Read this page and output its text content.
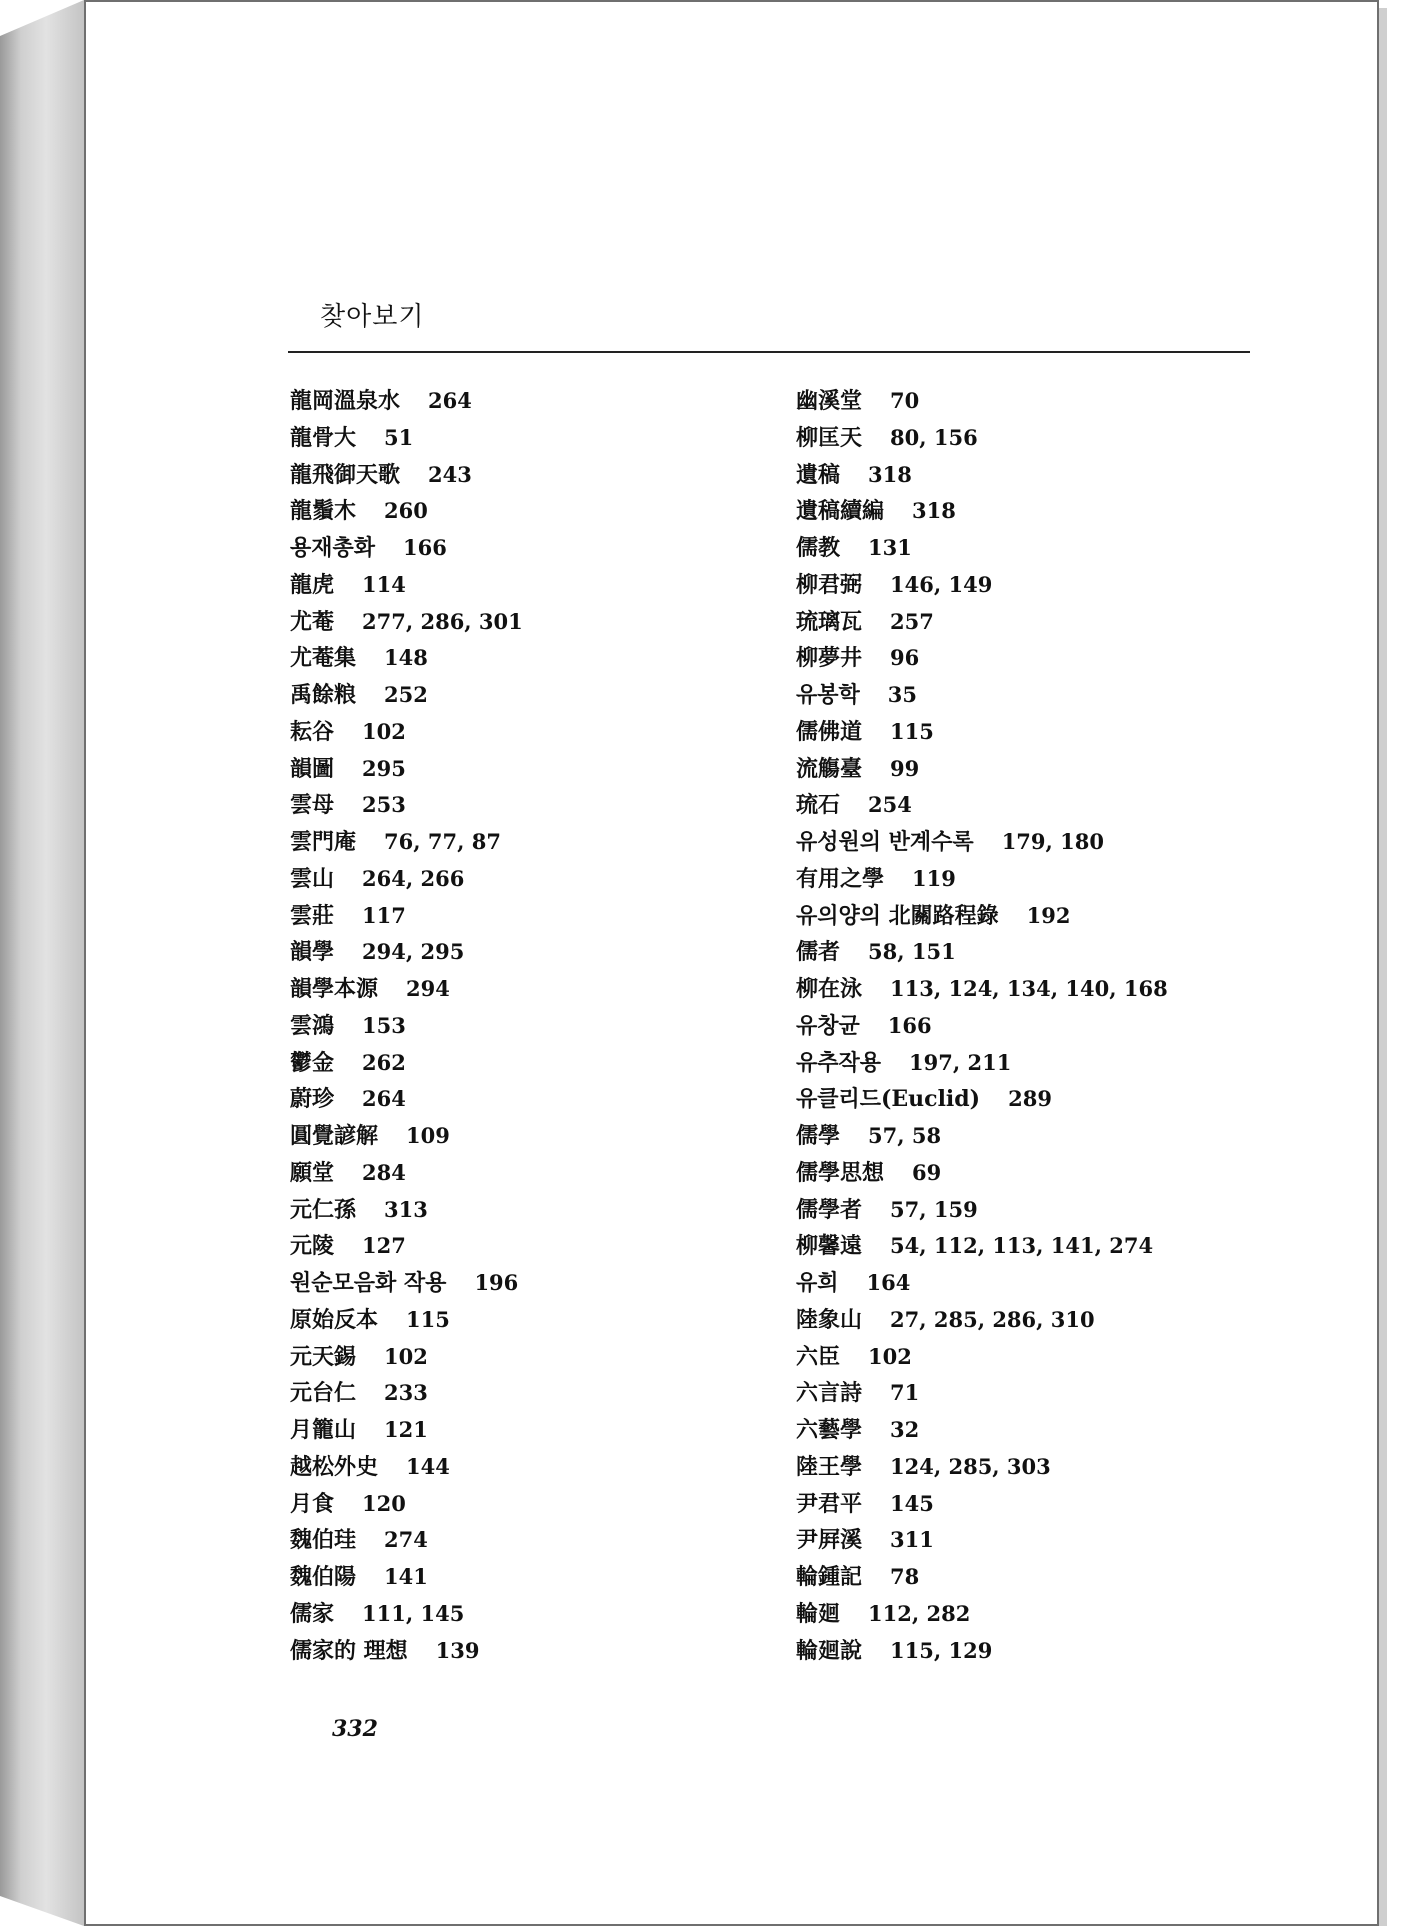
찾아보기
龍岡溫泉水 264
龍骨大 51
龍飛御天歌 243
龍鬚木 260
용재총화 166
龍虎 114
尤菴 277, 286, 301
尤菴集 148
禹餘粮 252
耘谷 102
韻圖 295
雲母 253
雲門庵 76, 77, 87
雲山 264, 266
雲莊 117
韻學 294, 295
韻學本源 294
雲鴻 153
鬱金 262
蔚珍 264
圓覺諺解 109
願堂 284
元仁孫 313
元陵 127
원순모음화 작용 196
原始反本 115
元天錫 102
元台仁 233
月籠山 121
越松外史 144
月食 120
魏伯珪 274
魏伯陽 141
儒家 111, 145
儒家的 理想 139
幽溪堂 70
柳匡天 80, 156
遺稿 318
遺稿續編 318
儒教 131
柳君弼 146, 149
琉璃瓦 257
柳夢井 96
유봉학 35
儒佛道 115
流觴臺 99
琉石 254
유성원의 반계수록 179, 180
有用之學 119
유의양의 北關路程錄 192
儒者 58, 151
柳在泳 113, 124, 134, 140, 168
유창균 166
유추작용 197, 211
유클리드(Euclid) 289
儒學 57, 58
儒學思想 69
儒學者 57, 159
柳馨遠 54, 112, 113, 141, 274
유희 164
陸象山 27, 285, 286, 310
六臣 102
六言詩 71
六藝學 32
陸王學 124, 285, 303
尹君平 145
尹屛溪 311
輪鍾記 78
輪廻 112, 282
輪廻說 115, 129
332
